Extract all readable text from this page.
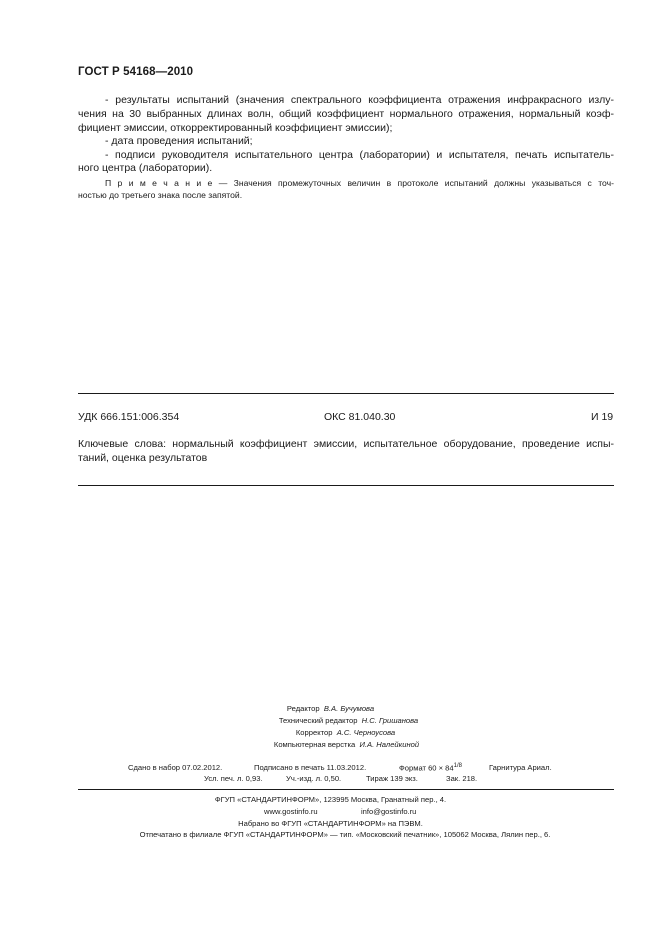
ГОСТ Р 54168—2010
- результаты испытаний (значения спектрального коэффициента отражения инфракрасного излу-
чения на 30 выбранных длинах волн, общий коэффициент нормального отражения, нормальный коэф-
фициент эмиссии, откорректированный коэффициент эмиссии);
- дата проведения испытаний;
- подписи руководителя испытательного центра (лаборатории) и испытателя, печать испытатель-
ного центра (лаборатории).
П р и м е ч а н и е — Значения промежуточных величин в протоколе испытаний должны указываться с точ-
ностью до третьего знака после запятой.
УДК 666.151:006.354	ОКС 81.040.30	И 19
Ключевые слова: нормальный коэффициент эмиссии, испытательное оборудование, проведение испы-
таний, оценка результатов
Редактор В.А. Бучумова
Технический редактор Н.С. Гришанова
Корректор А.С. Черноусова
Компьютерная верстка И.А. Налейкиной
Сдано в набор 07.02.2012.	Подписано в печать 11.03.2012.	Формат $60 \times 84^{1/8}$	Гарнитура Ариал.
Усл. печ. л. 0,93.	Уч.-изд. л. 0,50.	Тираж 139 экз.	Зак. 218.
ФГУП «СТАНДАРТИНФОРМ», 123995 Москва, Гранатный пер., 4.
www.gostinfo.ru	info@gostinfo.ru
Набрано во ФГУП «СТАНДАРТИНФОРМ» на ПЭВМ.
Отпечатано в филиале ФГУП «СТАНДАРТИНФОРМ» — тип. «Московский печатник», 105062 Москва, Лялин пер., 6.
